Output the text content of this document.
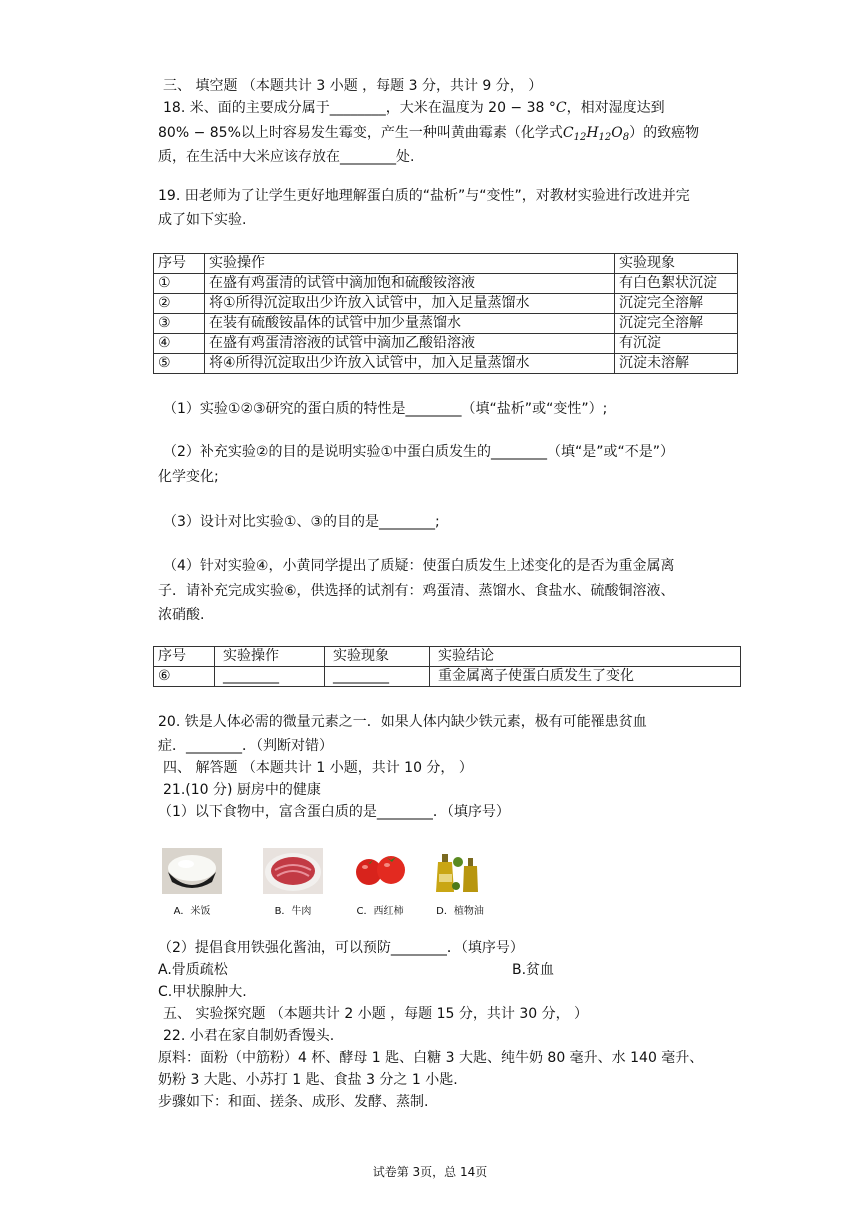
三、 填空题 （本题共计 3 小题 ，每题 3 分，共计 9 分， ）
18. 米、面的主要成分属于________，大米在温度为 20 − 38 °C，相对湿度达到
80% − 85%以上时容易发生霉变，产生一种叫黄曲霉素（化学式$C_{12}H_{12}O_8$）的致癌物
质，在生活中大米应该存放在________处.
19. 田老师为了让学生更好地理解蛋白质的“盐析”与“变性”，对教材实验进行改进并完
成了如下实验.
序号	实验操作	实验现象
①	在盛有鸡蛋清的试管中滴加饱和硫酸铵溶液	有白色絮状沉淀
②	将①所得沉淀取出少许放入试管中，加入足量蒸馏水	沉淀完全溶解
③	在装有硫酸铵晶体的试管中加少量蒸馏水	沉淀完全溶解
④	在盛有鸡蛋清溶液的试管中滴加乙酸铅溶液	有沉淀
⑤	将④所得沉淀取出少许放入试管中，加入足量蒸馏水	沉淀未溶解
（1）实验①②③研究的蛋白质的特性是________（填“盐析”或“变性”）;
（2）补充实验②的目的是说明实验①中蛋白质发生的________（填“是”或“不是”）
化学变化;
（3）设计对比实验①、③的目的是________;
（4）针对实验④，小黄同学提出了质疑：使蛋白质发生上述变化的是否为重金属离
子．请补充完成实验⑥，供选择的试剂有：鸡蛋清、蒸馏水、食盐水、硫酸铜溶液、
浓硝酸.
序号	实验操作	实验现象	实验结论
⑥	________	________	重金属离子使蛋白质发生了变化
20. 铁是人体必需的微量元素之一．如果人体内缺少铁元素，极有可能罹患贫血
症．________．（判断对错）
四、 解答题 （本题共计 1 小题，共计 10 分， ）
21.(10 分) 厨房中的健康
（1）以下食物中，富含蛋白质的是________．（填序号）
A．米饭	B．牛肉	C．西红柿	D．植物油
（2）提倡食用铁强化酱油，可以预防________．（填序号）
A.骨质疏松	B.贫血
C.甲状腺肿大.
五、 实验探究题 （本题共计 2 小题 ，每题 15 分，共计 30 分， ）
22. 小君在家自制奶香馒头.
原料：面粉（中筋粉）4 杯、酵母 1 匙、白糖 3 大匙、纯牛奶 80 毫升、水 140 毫升、
奶粉 3 大匙、小苏打 1 匙、食盐 3 分之 1 小匙.
步骤如下：和面、搓条、成形、发酵、蒸制.
试卷第 3页，总 14页
